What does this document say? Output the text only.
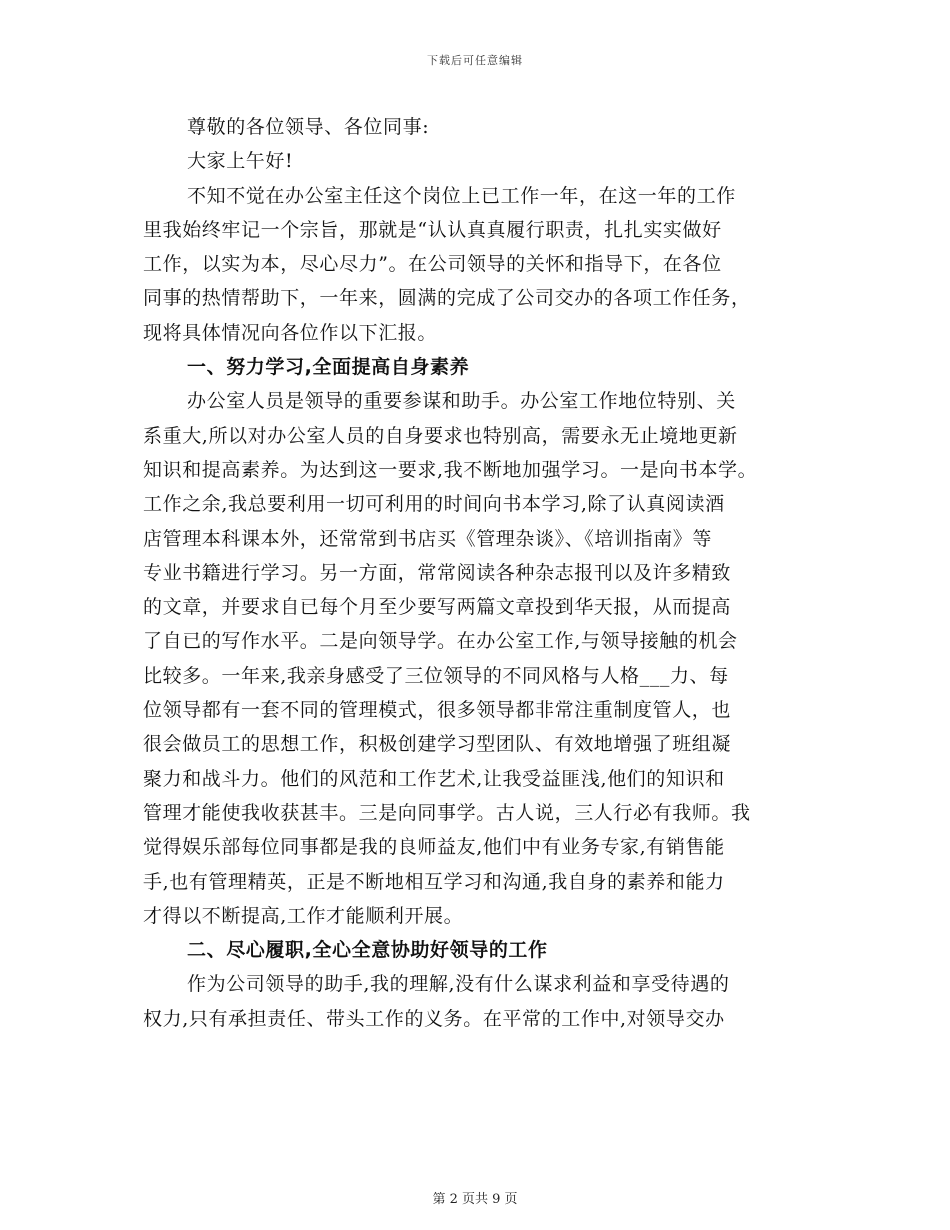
下载后可任意编辑
尊敬的各位领导、各位同事:
大家上午好!
不知不觉在办公室主任这个岗位上已工作一年，在这一年的工作
里我始终牢记一个宗旨，那就是“认认真真履行职责，扎扎实实做好
工作，以实为本，尽心尽力”。在公司领导的关怀和指导下，在各位
同事的热情帮助下，一年来，圆满的完成了公司交办的各项工作任务，
现将具体情况向各位作以下汇报。
一、努力学习,全面提高自身素养
办公室人员是领导的重要参谋和助手。办公室工作地位特别、关
系重大,所以对办公室人员的自身要求也特别高，需要永无止境地更新
知识和提高素养。为达到这一要求,我不断地加强学习。一是向书本学。
工作之余,我总要利用一切可利用的时间向书本学习,除了认真阅读酒
店管理本科课本外，还常常到书店买《管理杂谈》、《培训指南》等
专业书籍进行学习。另一方面，常常阅读各种杂志报刊以及许多精致
的文章，并要求自已每个月至少要写两篇文章投到华天报，从而提高
了自已的写作水平。二是向领导学。在办公室工作,与领导接触的机会
比较多。一年来,我亲身感受了三位领导的不同风格与人格___力、每
位领导都有一套不同的管理模式，很多领导都非常注重制度管人，也
很会做员工的思想工作，积极创建学习型团队、有效地增强了班组凝
聚力和战斗力。他们的风范和工作艺术,让我受益匪浅,他们的知识和
管理才能使我收获甚丰。三是向同事学。古人说，三人行必有我师。我
觉得娱乐部每位同事都是我的良师益友,他们中有业务专家,有销售能
手,也有管理精英，正是不断地相互学习和沟通,我自身的素养和能力
才得以不断提高,工作才能顺利开展。
二、尽心履职,全心全意协助好领导的工作
作为公司领导的助手,我的理解,没有什么谋求利益和享受待遇的
权力,只有承担责任、带头工作的义务。在平常的工作中,对领导交办
第 2 页共 9 页
